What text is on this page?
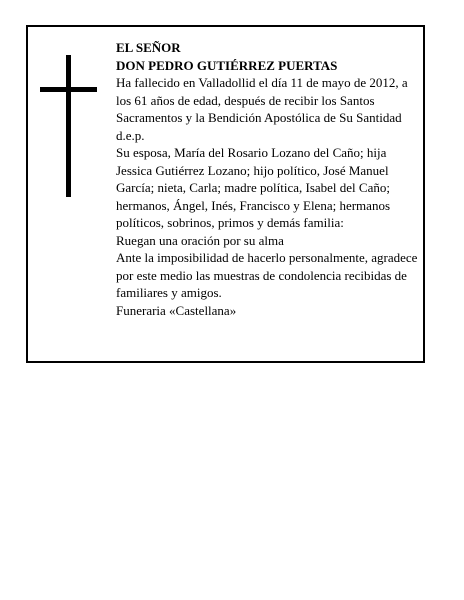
EL SEÑOR

DON PEDRO GUTIÉRREZ PUERTAS

Ha fallecido en Valladollid el día 11 de mayo de 2012, a los 61 años de edad, después de recibir los Santos Sacramentos y la Bendición Apostólica de Su Santidad d.e.p.

Su esposa, María del Rosario Lozano del Caño; hija Jessica Gutiérrez Lozano; hijo político, José Manuel García; nieta, Carla; madre política, Isabel del Caño; hermanos, Ángel, Inés, Francisco y Elena; hermanos políticos, sobrinos, primos y demás familia:

Ruegan una oración por su alma

Ante la imposibilidad de hacerlo personalmente, agradece por este medio las muestras de condolencia recibidas de familiares y amigos.

Funeraria «Castellana»
